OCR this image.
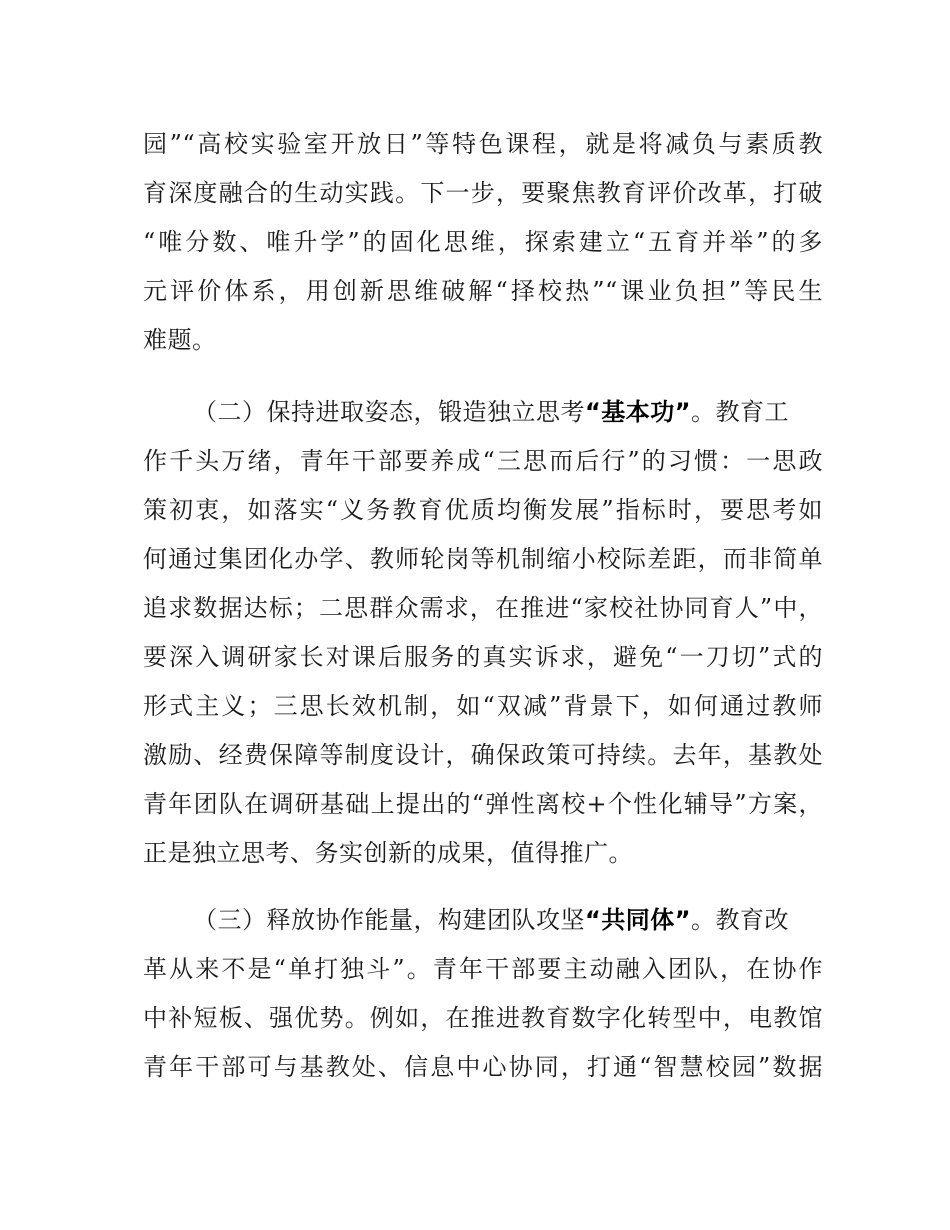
园”“高校实验室开放日”等特色课程，就是将减负与素质教
育深度融合的生动实践。下一步，要聚焦教育评价改革，打破
“唯分数、唯升学”的固化思维，探索建立“五育并举”的多
元评价体系，用创新思维破解“择校热”“课业负担”等民生
难题。
（二）保持进取姿态，锻造独立思考“基本功”。教育工
作千头万绪，青年干部要养成“三思而后行”的习惯：一思政
策初衷，如落实“义务教育优质均衡发展”指标时，要思考如
何通过集团化办学、教师轮岗等机制缩小校际差距，而非简单
追求数据达标；二思群众需求，在推进“家校社协同育人”中，
要深入调研家长对课后服务的真实诉求，避免“一刀切”式的
形式主义；三思长效机制，如“双减”背景下，如何通过教师
激励、经费保障等制度设计，确保政策可持续。去年，基教处
青年团队在调研基础上提出的“弹性离校+个性化辅导”方案，
正是独立思考、务实创新的成果，值得推广。
（三）释放协作能量，构建团队攻坚“共同体”。教育改
革从来不是“单打独斗”。青年干部要主动融入团队，在协作
中补短板、强优势。例如，在推进教育数字化转型中，电教馆
青年干部可与基教处、信息中心协同，打通“智慧校园”数据
